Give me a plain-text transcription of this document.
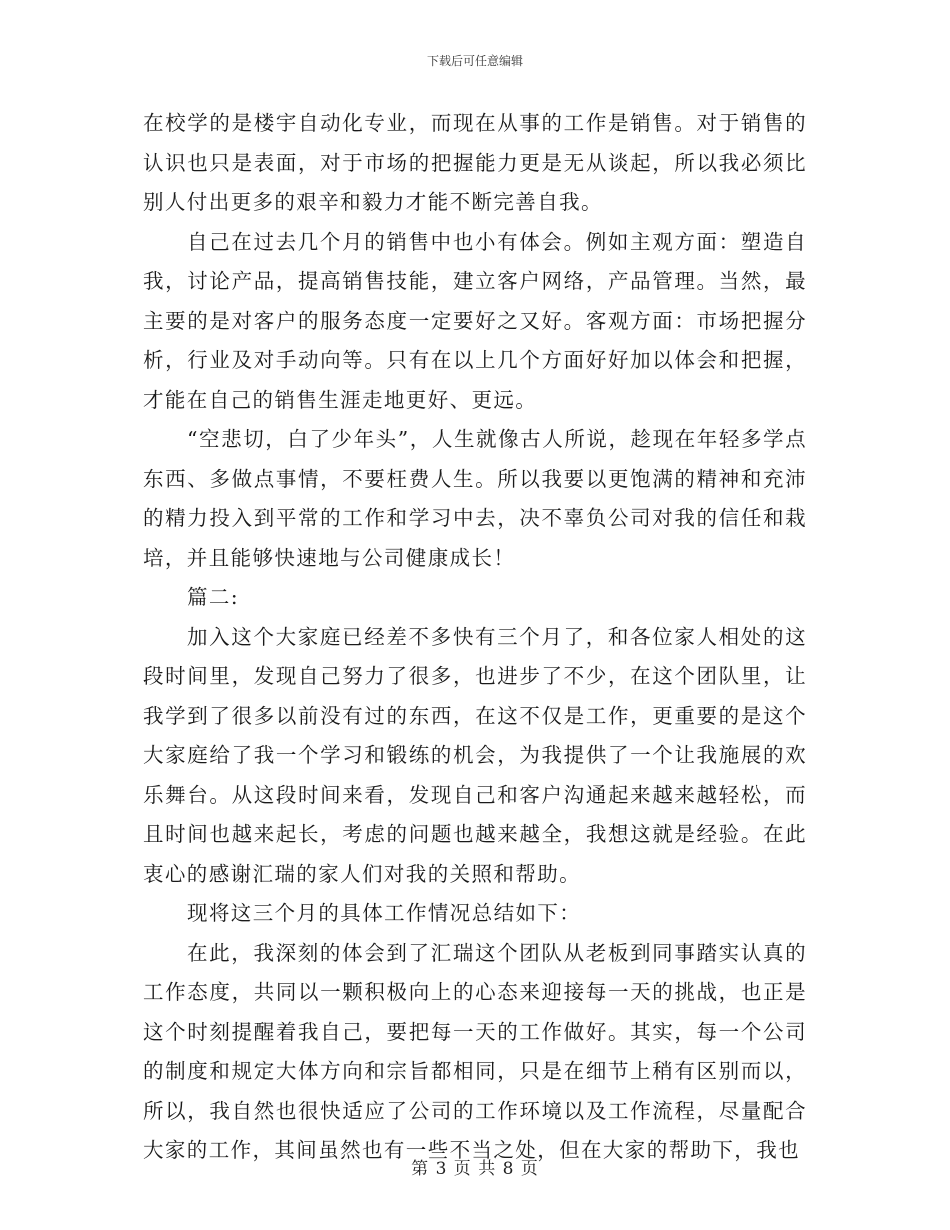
下载后可任意编辑

在校学的是楼宇自动化专业，而现在从事的工作是销售。对于销售的认识也只是表面，对于市场的把握能力更是无从谈起，所以我必须比别人付出更多的艰辛和毅力才能不断完善自我。

自己在过去几个月的销售中也小有体会。例如主观方面：塑造自我，讨论产品，提高销售技能，建立客户网络，产品管理。当然，最主要的是对客户的服务态度一定要好之又好。客观方面：市场把握分析，行业及对手动向等。只有在以上几个方面好好加以体会和把握，才能在自己的销售生涯走地更好、更远。

“空悲切，白了少年头”，人生就像古人所说，趁现在年轻多学点东西、多做点事情，不要枉费人生。所以我要以更饱满的精神和充沛的精力投入到平常的工作和学习中去，决不辜负公司对我的信任和栽培，并且能够快速地与公司健康成长！

篇二:

加入这个大家庭已经差不多快有三个月了，和各位家人相处的这段时间里，发现自己努力了很多，也进步了不少，在这个团队里，让我学到了很多以前没有过的东西，在这不仅是工作，更重要的是这个大家庭给了我一个学习和锻练的机会，为我提供了一个让我施展的欢乐舞台。从这段时间来看，发现自己和客户沟通起来越来越轻松，而且时间也越来起长，考虑的问题也越来越全，我想这就是经验。在此衷心的感谢汇瑞的家人们对我的关照和帮助。

现将这三个月的具体工作情况总结如下：

在此，我深刻的体会到了汇瑞这个团队从老板到同事踏实认真的工作态度，共同以一颗积极向上的心态来迎接每一天的挑战，也正是这个时刻提醒着我自己，要把每一天的工作做好。其实，每一个公司的制度和规定大体方向和宗旨都相同，只是在细节上稍有区别而以，所以，我自然也很快适应了公司的工作环境以及工作流程，尽量配合大家的工作，其间虽然也有一些不当之处，但在大家的帮助下，我也

第 3 页 共 8 页
